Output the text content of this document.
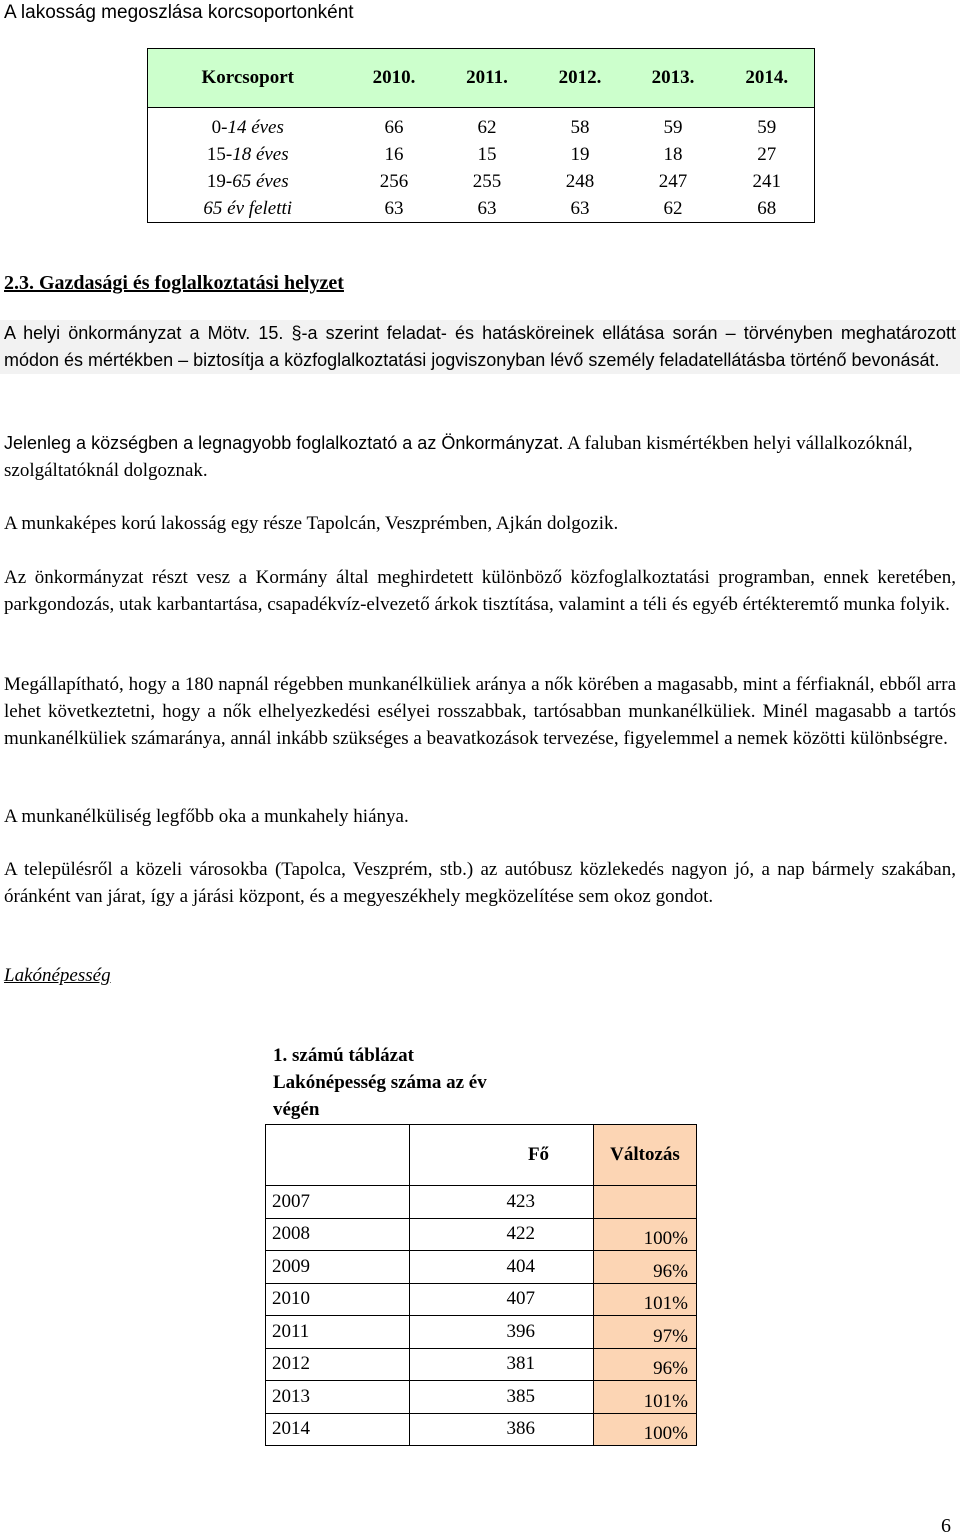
A lakosság megoszlása korcsoportonként
Korcsoport	2010.	2011.	2012.	2013.	2014.
0-14 éves	66	62	58	59	59
15-18 éves	16	15	19	18	27
19-65 éves	256	255	248	247	241
65 év feletti	63	63	63	62	68
2.3. Gazdasági és foglalkoztatási helyzet

A helyi önkormányzat a Mötv. 15. §-a szerint feladat- és hatásköreinek ellátása során – törvényben meghatározott módon és mértékben – biztosítja a közfoglalkoztatási jogviszonyban lévő személy feladatellátásba történő bevonását.

Jelenleg a községben a legnagyobb foglalkoztató a az Önkormányzat. A faluban kismértékben helyi vállalkozóknál, szolgáltatóknál dolgoznak.

A munkaképes korú lakosság egy része Tapolcán, Veszprémben, Ajkán dolgozik.

Az önkormányzat részt vesz a Kormány által meghirdetett különböző közfoglalkoztatási programban, ennek keretében, parkgondozás, utak karbantartása, csapadékvíz-elvezető árkok tisztítása, valamint a téli és egyéb értékteremtő munka folyik.

Megállapítható, hogy a 180 napnál régebben munkanélküliek aránya a nők körében a magasabb, mint a férfiaknál, ebből arra lehet következtetni, hogy a nők elhelyezkedési esélyei rosszabbak, tartósabban munkanélküliek. Minél magasabb a tartós munkanélküliek számaránya, annál inkább szükséges a beavatkozások tervezése, figyelemmel a nemek közötti különbségre.

A munkanélküliség legfőbb oka a munkahely hiánya.

A településről a közeli városokba (Tapolca, Veszprém, stb.) az autóbusz közlekedés nagyon jó, a nap bármely szakában, óránként van járat, így a járási központ, és a megyeszékhely megközelítése sem okoz gondot.

Lakónépesség
1. számú táblázat
Lakónépesség száma az év
végén
	Fő	Változás
2007	423	
2008	422	100%
2009	404	96%
2010	407	101%
2011	396	97%
2012	381	96%
2013	385	101%
2014	386	100%
6
